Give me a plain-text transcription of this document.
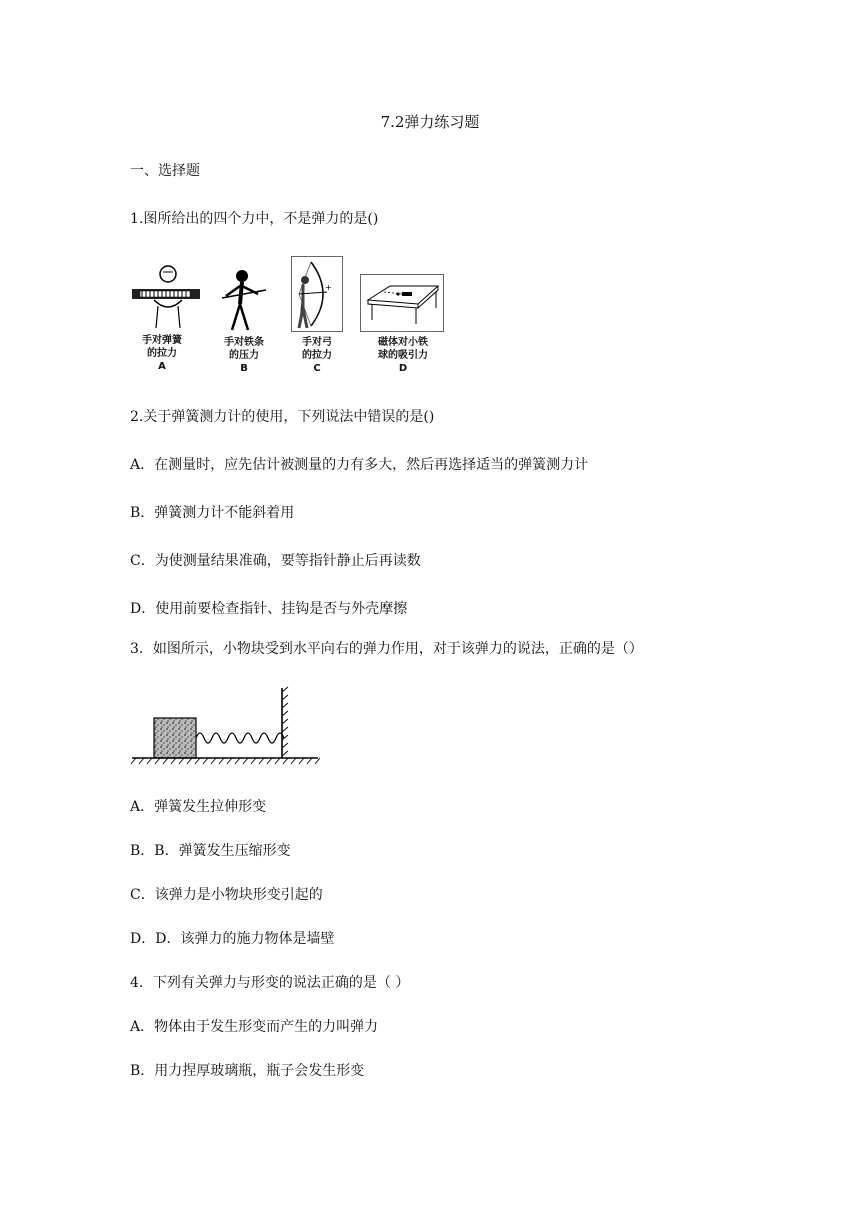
7.2弹力练习题
一、选择题
1.图所给出的四个力中，不是弹力的是()
手对弹簧
的拉力
A
手对铁条
的压力
B
+
手对弓
的拉力
C
磁体对小铁
球的吸引力
D
2.关于弹簧测力计的使用，下列说法中错误的是()
A．在测量时，应先估计被测量的力有多大，然后再选择适当的弹簧测力计
B．弹簧测力计不能斜着用
C．为使测量结果准确，要等指针静止后再读数
D．使用前要检查指针、挂钩是否与外壳摩擦
3．如图所示，小物块受到水平向右的弹力作用，对于该弹力的说法，正确的是（）
A．弹簧发生拉伸形变
B．B．弹簧发生压缩形变
C．该弹力是小物块形变引起的
D．D．该弹力的施力物体是墙壁
4．下列有关弹力与形变的说法正确的是（ ）
A．物体由于发生形变而产生的力叫弹力
B．用力捏厚玻璃瓶，瓶子会发生形变
